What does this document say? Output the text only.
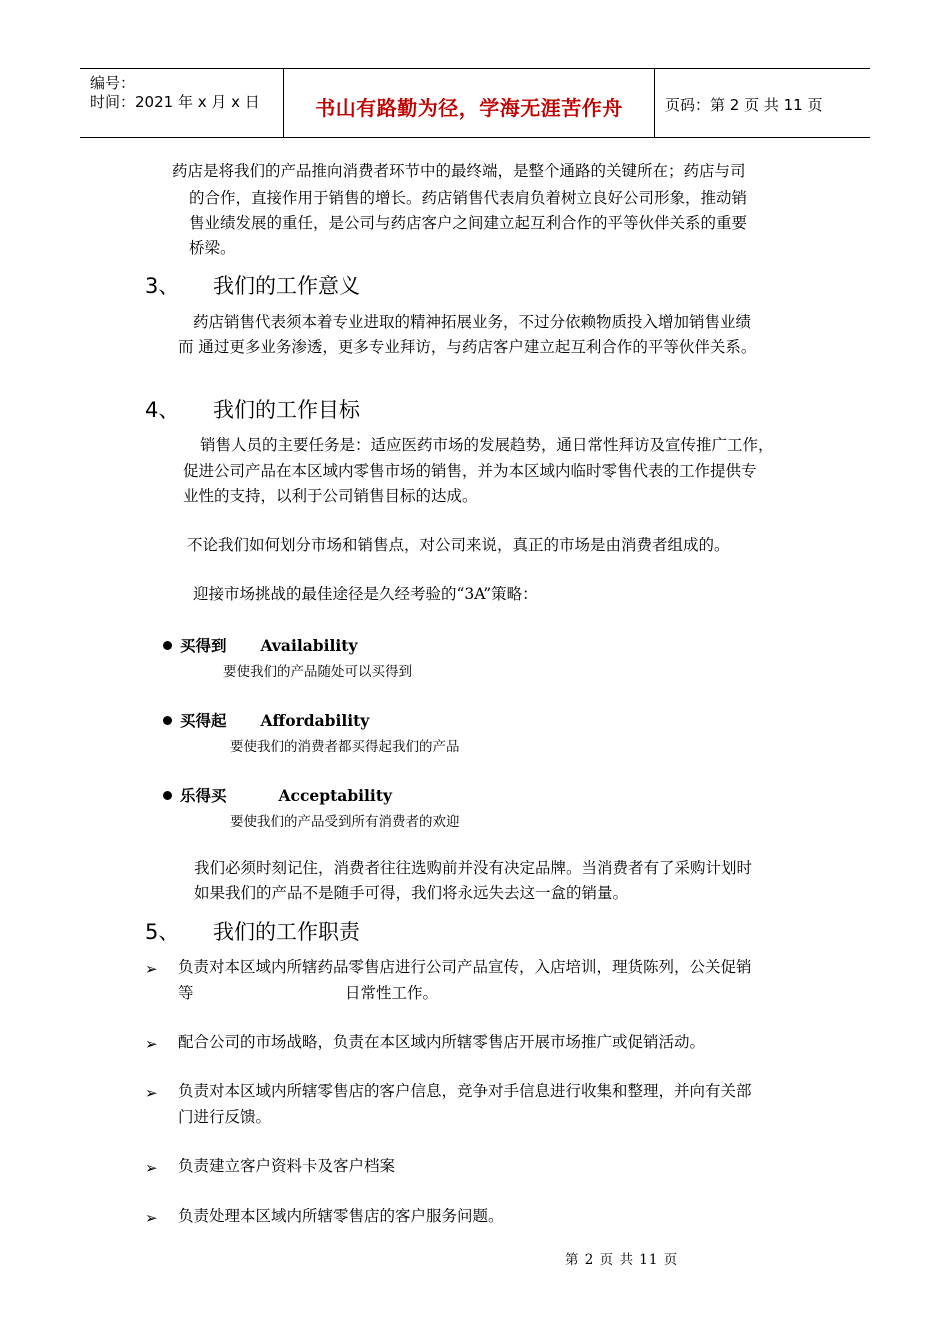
编号：
时间：2021 年 x 月 x 日	书山有路勤为径，学海无涯苦作舟	页码：第 2 页 共 11 页
药店是将我们的产品推向消费者环节中的最终端，是整个通路的关键所在；药店与司
的合作，直接作用于销售的增长。药店销售代表肩负着树立良好公司形象，推动销
售业绩发展的重任，是公司与药店客户之间建立起互利合作的平等伙伴关系的重要
桥梁。
3、 我们的工作意义
药店销售代表须本着专业进取的精神拓展业务，不过分依赖物质投入增加销售业绩
而 通过更多业务渗透，更多专业拜访，与药店客户建立起互利合作的平等伙伴关系。
4、 我们的工作目标
销售人员的主要任务是：适应医药市场的发展趋势，通日常性拜访及宣传推广工作，
促进公司产品在本区域内零售市场的销售，并为本区域内临时零售代表的工作提供专
业性的支持，以利于公司销售目标的达成。
不论我们如何划分市场和销售点，对公司来说，真正的市场是由消费者组成的。
迎接市场挑战的最佳途径是久经考验的“3A”策略：
买得到 Availability
要使我们的产品随处可以买得到
买得起 Affordability
要使我们的消费者都买得起我们的产品
乐得买	Acceptability
要使我们的产品受到所有消费者的欢迎
我们必须时刻记住，消费者往往选购前并没有决定品牌。当消费者有了采购计划时
如果我们的产品不是随手可得，我们将永远失去这一盒的销量。
5、 我们的工作职责
➢ 负责对本区域内所辖药品零售店进行公司产品宣传，入店培训，理货陈列，公关促销
等	日常性工作。
➢ 配合公司的市场战略，负责在本区域内所辖零售店开展市场推广或促销活动。
➢ 负责对本区域内所辖零售店的客户信息，竞争对手信息进行收集和整理，并向有关部
门进行反馈。
➢ 负责建立客户资料卡及客户档案
➢ 负责处理本区域内所辖零售店的客户服务问题。
第 2 页 共 11 页
